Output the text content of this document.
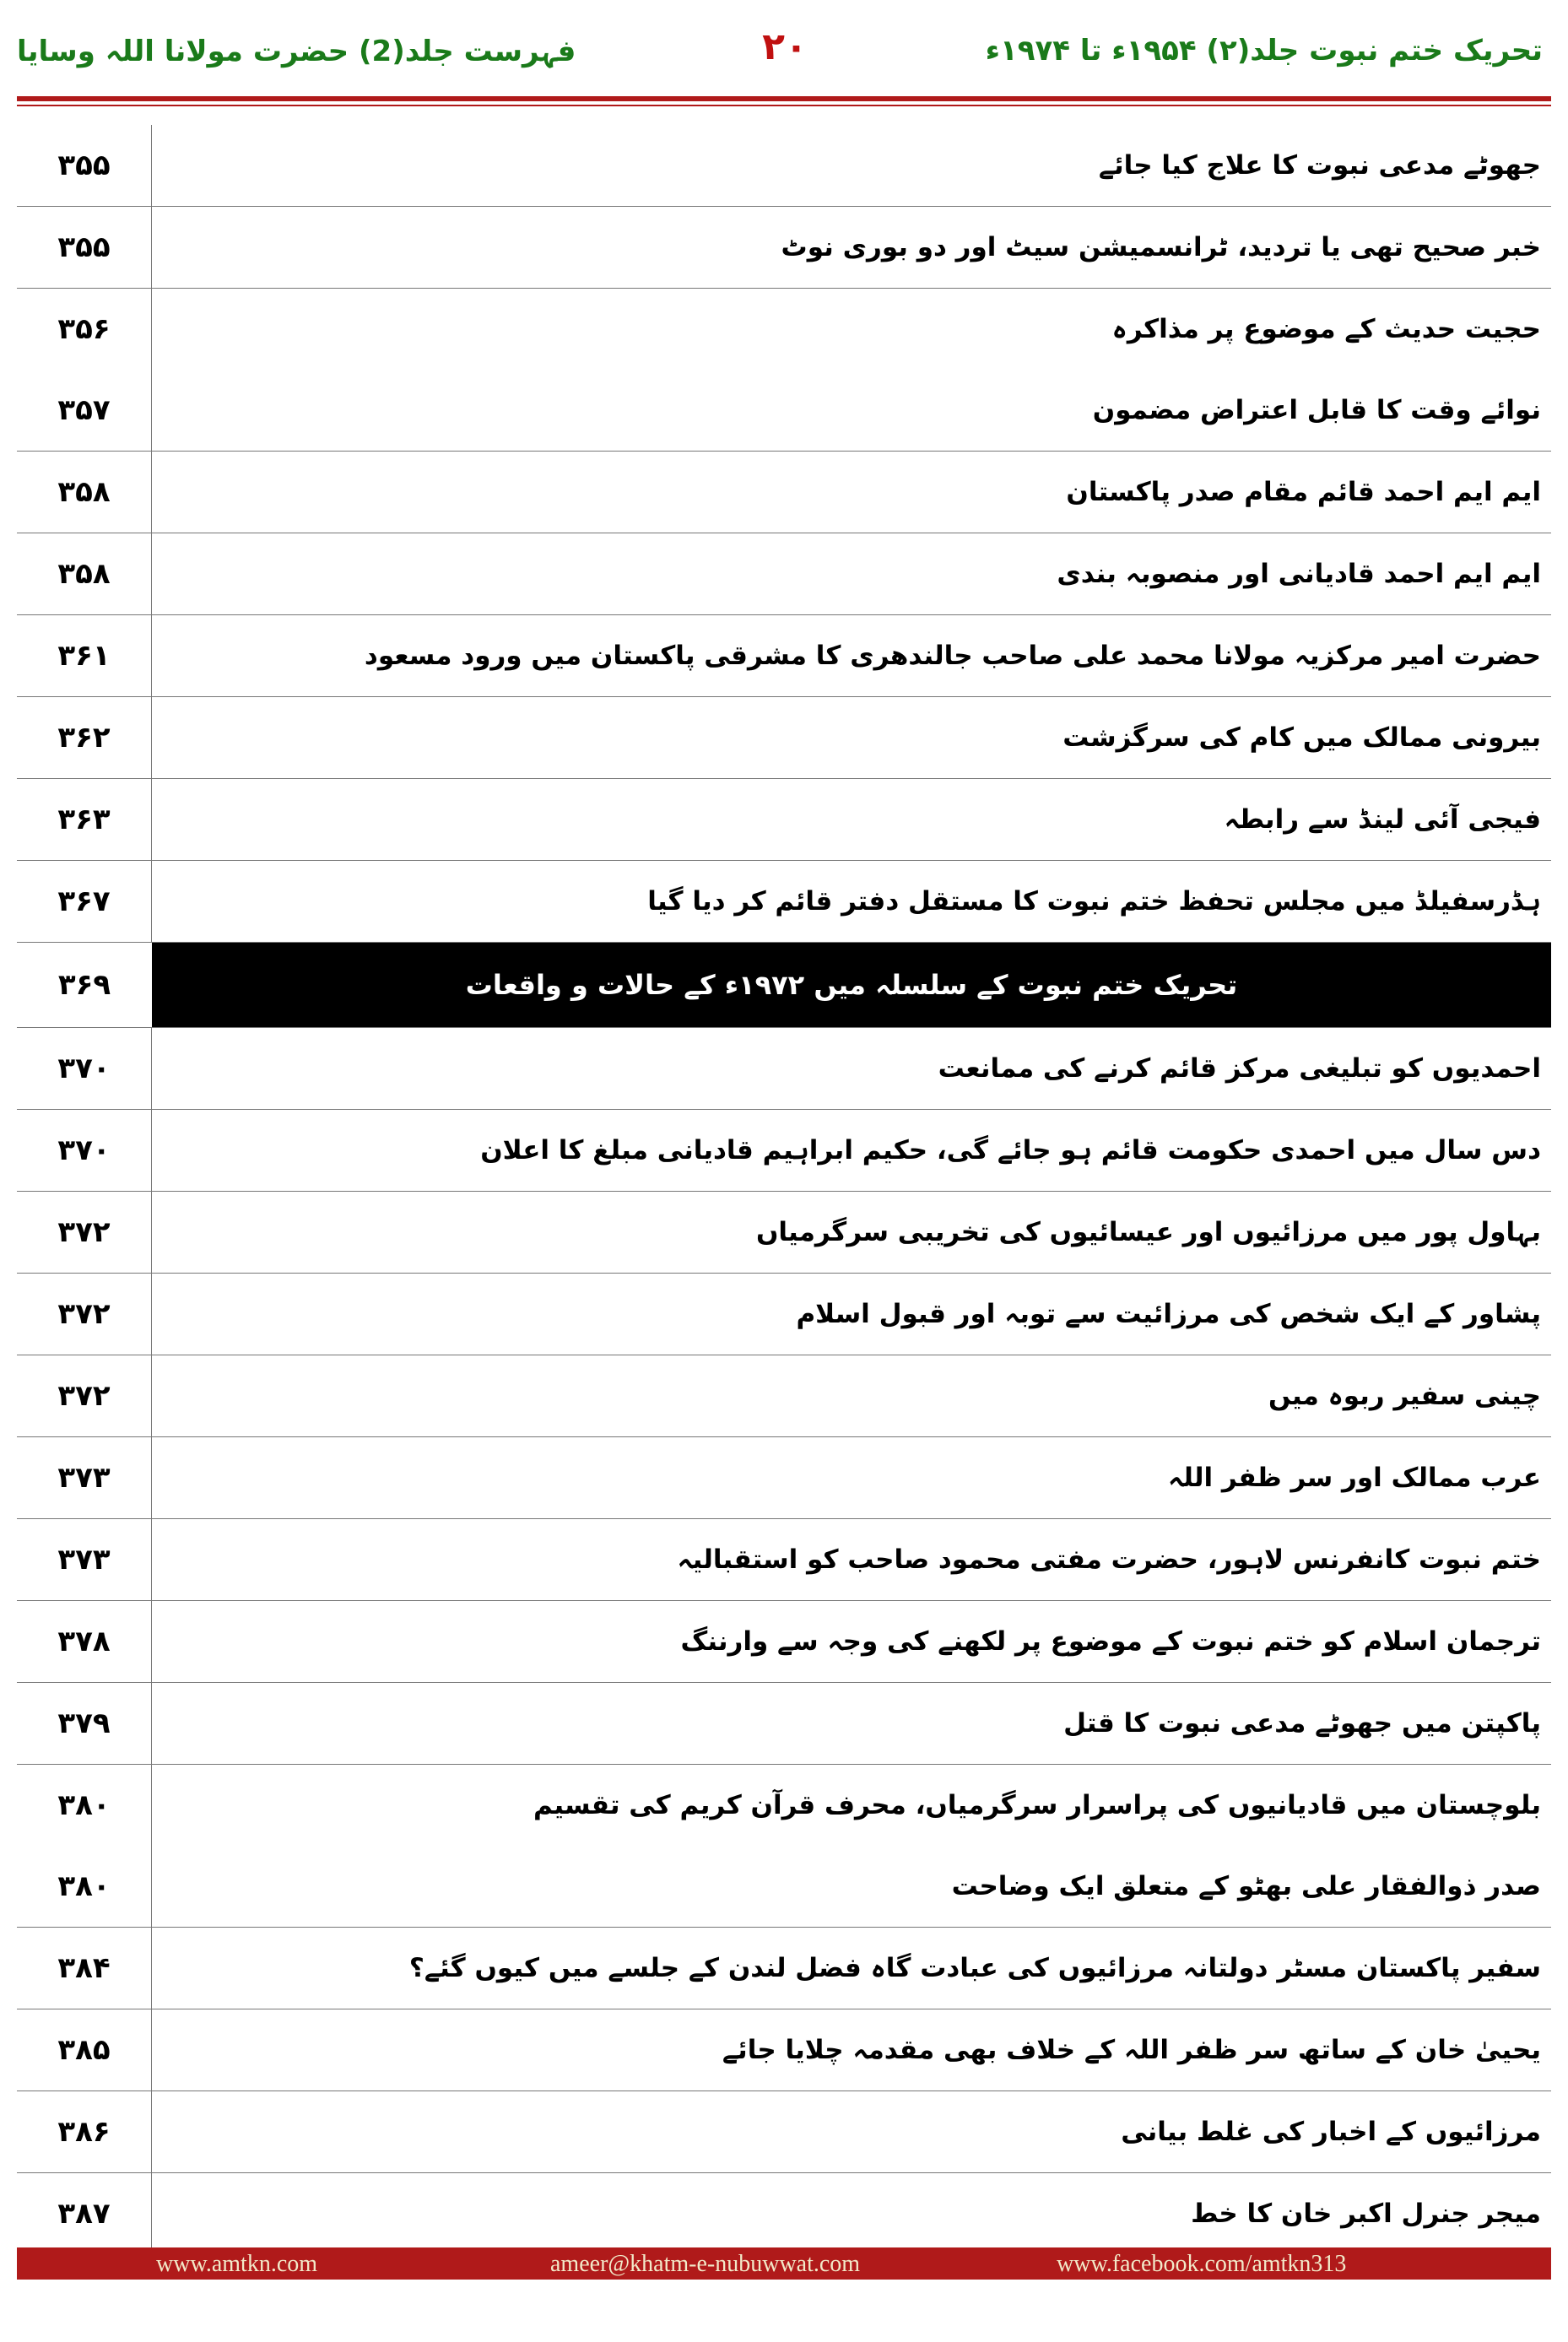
تحریک ختم نبوت جلد(۲) ۱۹۵۴ء تا ۱۹۷۴ء
۲۰
فہرست جلد(2) حضرت مولانا اللہ وسایا
۳۵۵	جھوٹے مدعی نبوت کا علاج کیا جائے
۳۵۵	خبر صحیح تھی یا تردید، ٹرانسمیشن سیٹ اور دو بوری نوٹ
۳۵۶	حجیت حدیث کے موضوع پر مذاکرہ
۳۵۷	نوائے وقت کا قابل اعتراض مضمون
۳۵۸	ایم ایم احمد قائم مقام صدر پاکستان
۳۵۸	ایم ایم احمد قادیانی اور منصوبہ بندی
۳۶۱	حضرت امیر مرکزیہ مولانا محمد علی صاحب جالندھری کا مشرقی پاکستان میں ورود مسعود
۳۶۲	بیرونی ممالک میں کام کی سرگزشت
۳۶۳	فیجی آئی لینڈ سے رابطہ
۳۶۷	ہڈرسفیلڈ میں مجلس تحفظ ختم نبوت کا مستقل دفتر قائم کر دیا گیا
۳۶۹	تحریک ختم نبوت کے سلسلہ میں ۱۹۷۲ء کے حالات و واقعات
۳۷۰	احمدیوں کو تبلیغی مرکز قائم کرنے کی ممانعت
۳۷۰	دس سال میں احمدی حکومت قائم ہو جائے گی، حکیم ابراہیم قادیانی مبلغ کا اعلان
۳۷۲	بہاول پور میں مرزائیوں اور عیسائیوں کی تخریبی سرگرمیاں
۳۷۲	پشاور کے ایک شخص کی مرزائیت سے توبہ اور قبول اسلام
۳۷۲	چینی سفیر ربوہ میں
۳۷۳	عرب ممالک اور سر ظفر اللہ
۳۷۳	ختم نبوت کانفرنس لاہور، حضرت مفتی محمود صاحب کو استقبالیہ
۳۷۸	ترجمان اسلام کو ختم نبوت کے موضوع پر لکھنے کی وجہ سے وارننگ
۳۷۹	پاکپتن میں جھوٹے مدعی نبوت کا قتل
۳۸۰	بلوچستان میں قادیانیوں کی پراسرار سرگرمیاں، محرف قرآن کریم کی تقسیم
۳۸۰	صدر ذوالفقار علی بھٹو کے متعلق ایک وضاحت
۳۸۴	سفیر پاکستان مسٹر دولتانہ مرزائیوں کی عبادت گاہ فضل لندن کے جلسے میں کیوں گئے؟
۳۸۵	یحییٰ خان کے ساتھ سر ظفر اللہ کے خلاف بھی مقدمہ چلایا جائے
۳۸۶	مرزائیوں کے اخبار کی غلط بیانی
۳۸۷	میجر جنرل اکبر خان کا خط
www.amtkn.com	ameer@khatm-e-nubuwwat.com	www.facebook.com/amtkn313
